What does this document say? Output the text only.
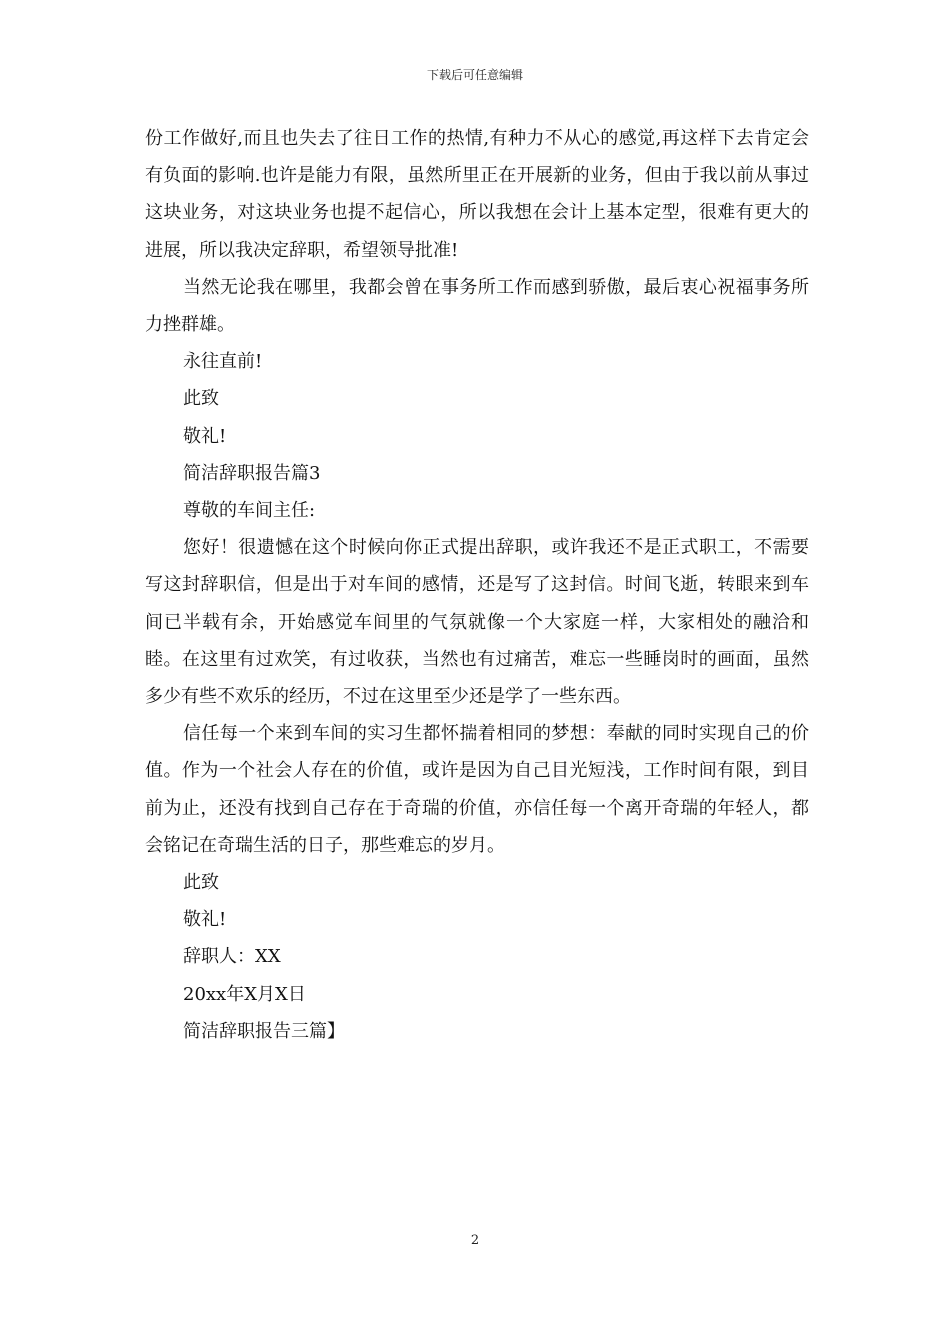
下载后可任意编辑

份工作做好,而且也失去了往日工作的热情,有种力不从心的感觉,再这样下去肯定会有负面的影响.也许是能力有限，虽然所里正在开展新的业务，但由于我以前从事过这块业务，对这块业务也提不起信心，所以我想在会计上基本定型，很难有更大的进展，所以我决定辞职，希望领导批准!

当然无论我在哪里，我都会曾在事务所工作而感到骄傲，最后衷心祝福事务所力挫群雄。

永往直前!

此致

敬礼!

简洁辞职报告篇3

尊敬的车间主任:

您好！很遗憾在这个时候向你正式提出辞职，或许我还不是正式职工，不需要写这封辞职信，但是出于对车间的感情，还是写了这封信。时间飞逝，转眼来到车间已半载有余，开始感觉车间里的气氛就像一个大家庭一样，大家相处的融洽和睦。在这里有过欢笑，有过收获，当然也有过痛苦，难忘一些睡岗时的画面，虽然多少有些不欢乐的经历，不过在这里至少还是学了一些东西。

信任每一个来到车间的实习生都怀揣着相同的梦想：奉献的同时实现自己的价值。作为一个社会人存在的价值，或许是因为自己目光短浅，工作时间有限，到目前为止，还没有找到自己存在于奇瑞的价值，亦信任每一个离开奇瑞的年轻人，都会铭记在奇瑞生活的日子，那些难忘的岁月。

此致

敬礼!

辞职人：XX

20xx年X月X日

简洁辞职报告三篇】

2
